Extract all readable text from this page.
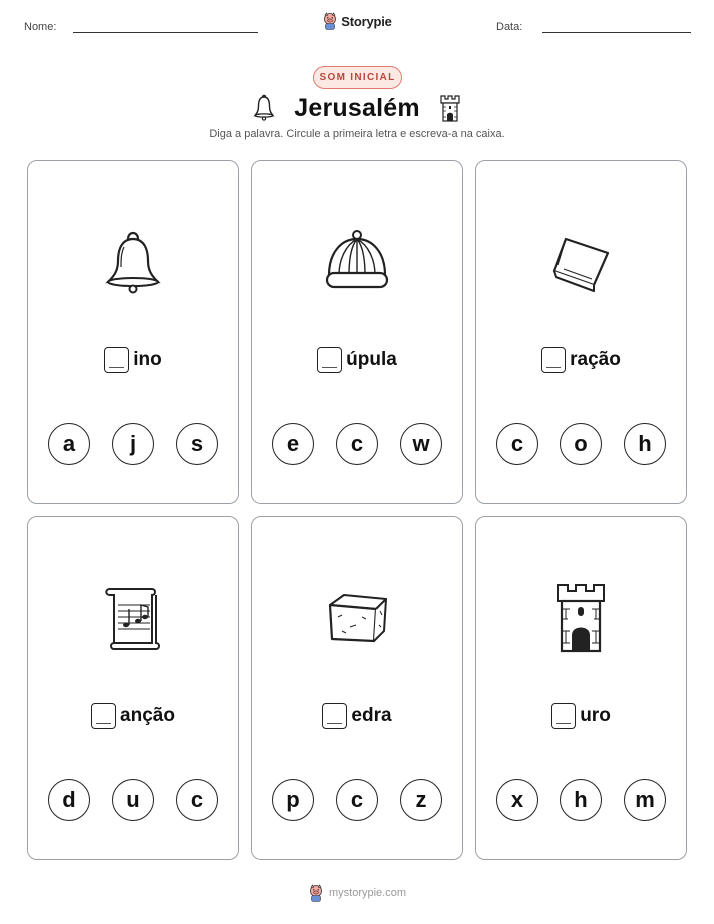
Nome:	Storypie	Data:
SOM INICIAL
Jerusalém
Diga a palavra. Circule a primeira letra e escreva-a na caixa.
ino
a	j	s
úpula
e	c	w
ração
c	o	h
anção
d	u	c
edra
p	c	z
uro
x	h	m
mystorypie.com
